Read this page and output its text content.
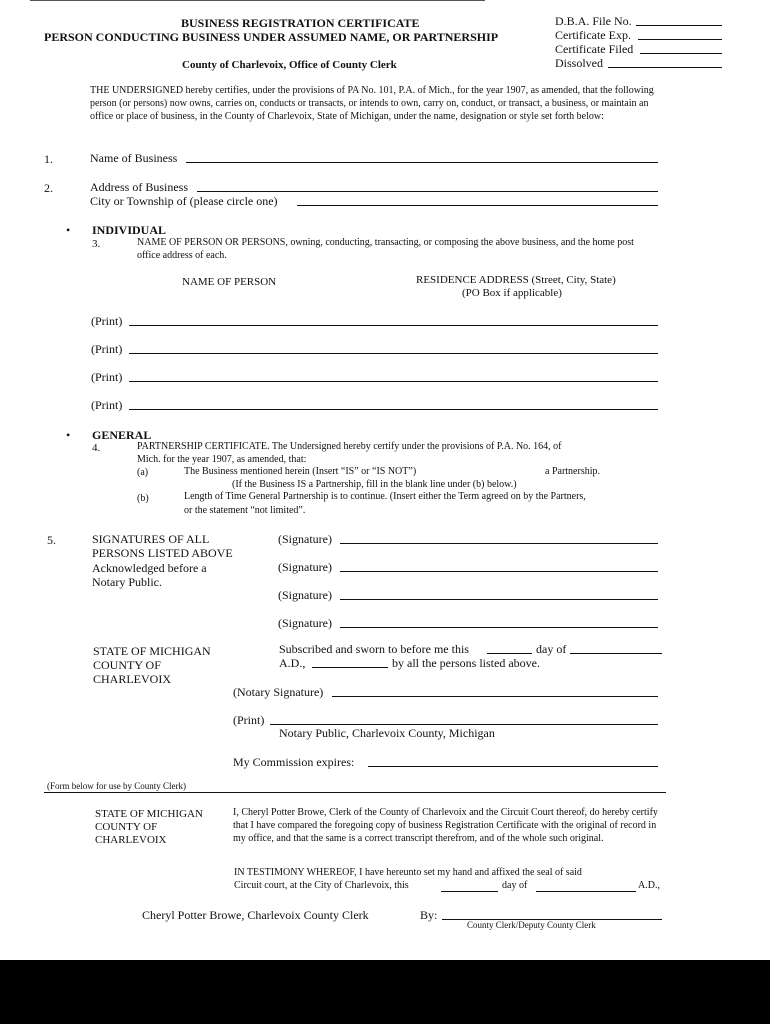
BUSINESS REGISTRATION CERTIFICATE
PERSON CONDUCTING BUSINESS UNDER ASSUMED NAME, OR PARTNERSHIP
County of Charlevoix, Office of County Clerk
D.B.A. File No.
Certificate Exp.
Certificate Filed
Dissolved
THE UNDERSIGNED hereby certifies, under the provisions of PA No. 101, P.A. of Mich., for the year 1907, as amended, that the following person (or persons) now owns, carries on, conducts or transacts, or intends to own, carry on, conduct, or transact, a business, or maintain an office or place of business, in the County of Charlevoix, State of Michigan, under the name, designation or style set forth below:
1.	Name of Business
2.	Address of Business
City or Township of (please circle one)
• INDIVIDUAL
3.	NAME OF PERSON OR PERSONS, owning, conducting, transacting, or composing the above business, and the home post office address of each.
NAME OF PERSON	RESIDENCE ADDRESS (Street, City, State)
(PO Box if applicable)
(Print)
(Print)
(Print)
(Print)
• GENERAL
4.	PARTNERSHIP CERTIFICATE. The Undersigned hereby certify under the provisions of P.A. No. 164, of
Mich. for the year 1907, as amended, that:
(a)	The Business mentioned herein (Insert “IS” or “IS NOT”)	a Partnership.
(If the Business IS a Partnership, fill in the blank line under (b) below.)
(b)	Length of Time General Partnership is to continue. (Insert either the Term agreed on by the Partners,
or the statement “not limited”.
5.	SIGNATURES OF ALL
PERSONS LISTED ABOVE
Acknowledged before a
Notary Public.
(Signature)
(Signature)
(Signature)
(Signature)
STATE OF MICHIGAN
COUNTY OF
CHARLEVOIX
Subscribed and sworn to before me this	day of
A.D.,	by all the persons listed above.
(Notary Signature)
(Print)
Notary Public, Charlevoix County, Michigan
My Commission expires:
(Form below for use by County Clerk)
STATE OF MICHIGAN
COUNTY OF
CHARLEVOIX
I, Cheryl Potter Browe, Clerk of the County of Charlevoix and the Circuit Court thereof, do hereby certify that I have compared the foregoing copy of business Registration Certificate with the original of record in my office, and that the same is a correct transcript therefrom, and of the whole such original.
IN TESTIMONY WHEREOF, I have hereunto set my hand and affixed the seal of said
Circuit court, at the City of Charlevoix, this	day of	A.D.,
Cheryl Potter Browe, Charlevoix County Clerk	By:
County Clerk/Deputy County Clerk
